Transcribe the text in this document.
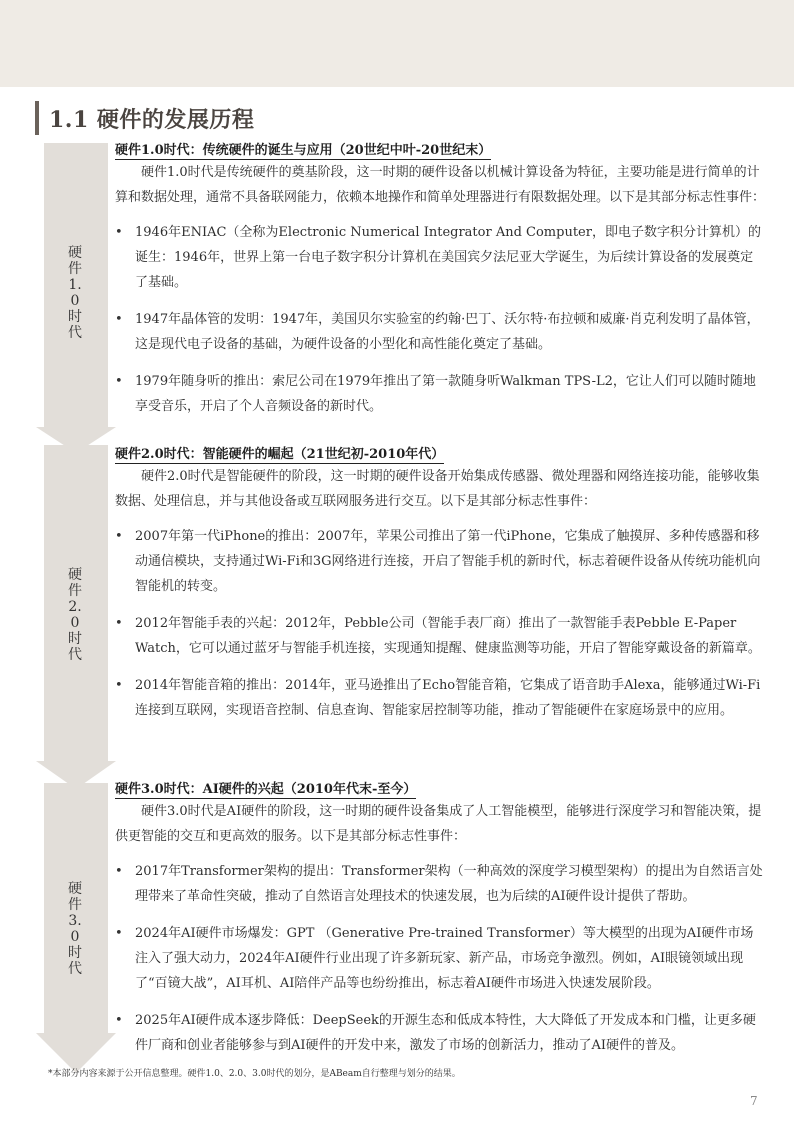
1.1 硬件的发展历程
硬件1.0时代
硬件2.0时代
硬件3.0时代
硬件1.0时代：传统硬件的诞生与应用（20世纪中叶-20世纪末）

硬件1.0时代是传统硬件的奠基阶段，这一时期的硬件设备以机械计算设备为特征，主要功能是进行简单的计算和数据处理，通常不具备联网能力，依赖本地操作和简单处理器进行有限数据处理。以下是其部分标志性事件：

• 1946年ENIAC（全称为Electronic Numerical Integrator And Computer，即电子数字积分计算机）的诞生：1946年，世界上第一台电子数字积分计算机在美国宾夕法尼亚大学诞生，为后续计算设备的发展奠定了基础。
• 1947年晶体管的发明：1947年，美国贝尔实验室的约翰·巴丁、沃尔特·布拉顿和威廉·肖克利发明了晶体管，这是现代电子设备的基础，为硬件设备的小型化和高性能化奠定了基础。
• 1979年随身听的推出：索尼公司在1979年推出了第一款随身听Walkman TPS-L2，它让人们可以随时随地享受音乐，开启了个人音频设备的新时代。
硬件2.0时代：智能硬件的崛起（21世纪初-2010年代）

硬件2.0时代是智能硬件的阶段，这一时期的硬件设备开始集成传感器、微处理器和网络连接功能，能够收集数据、处理信息，并与其他设备或互联网服务进行交互。以下是其部分标志性事件：

• 2007年第一代iPhone的推出：2007年，苹果公司推出了第一代iPhone，它集成了触摸屏、多种传感器和移动通信模块，支持通过Wi-Fi和3G网络进行连接，开启了智能手机的新时代，标志着硬件设备从传统功能机向智能机的转变。
• 2012年智能手表的兴起：2012年，Pebble公司（智能手表厂商）推出了一款智能手表Pebble E-Paper Watch，它可以通过蓝牙与智能手机连接，实现通知提醒、健康监测等功能，开启了智能穿戴设备的新篇章。
• 2014年智能音箱的推出：2014年，亚马逊推出了Echo智能音箱，它集成了语音助手Alexa，能够通过Wi-Fi连接到互联网，实现语音控制、信息查询、智能家居控制等功能，推动了智能硬件在家庭场景中的应用。
硬件3.0时代：AI硬件的兴起（2010年代末-至今）

硬件3.0时代是AI硬件的阶段，这一时期的硬件设备集成了人工智能模型，能够进行深度学习和智能决策，提供更智能的交互和更高效的服务。以下是其部分标志性事件：

• 2017年Transformer架构的提出：Transformer架构（一种高效的深度学习模型架构）的提出为自然语言处理带来了革命性突破，推动了自然语言处理技术的快速发展，也为后续的AI硬件设计提供了帮助。
• 2024年AI硬件市场爆发：GPT （Generative Pre-trained Transformer）等大模型的出现为AI硬件市场注入了强大动力，2024年AI硬件行业出现了许多新玩家、新产品，市场竞争激烈。例如，AI眼镜领域出现了“百镜大战”，AI耳机、AI陪伴产品等也纷纷推出，标志着AI硬件市场进入快速发展阶段。
• 2025年AI硬件成本逐步降低：DeepSeek的开源生态和低成本特性，大大降低了开发成本和门槛，让更多硬件厂商和创业者能够参与到AI硬件的开发中来，激发了市场的创新活力，推动了AI硬件的普及。
*本部分内容来源于公开信息整理。硬件1.0、2.0、3.0时代的划分，是ABeam自行整理与划分的结果。
7
